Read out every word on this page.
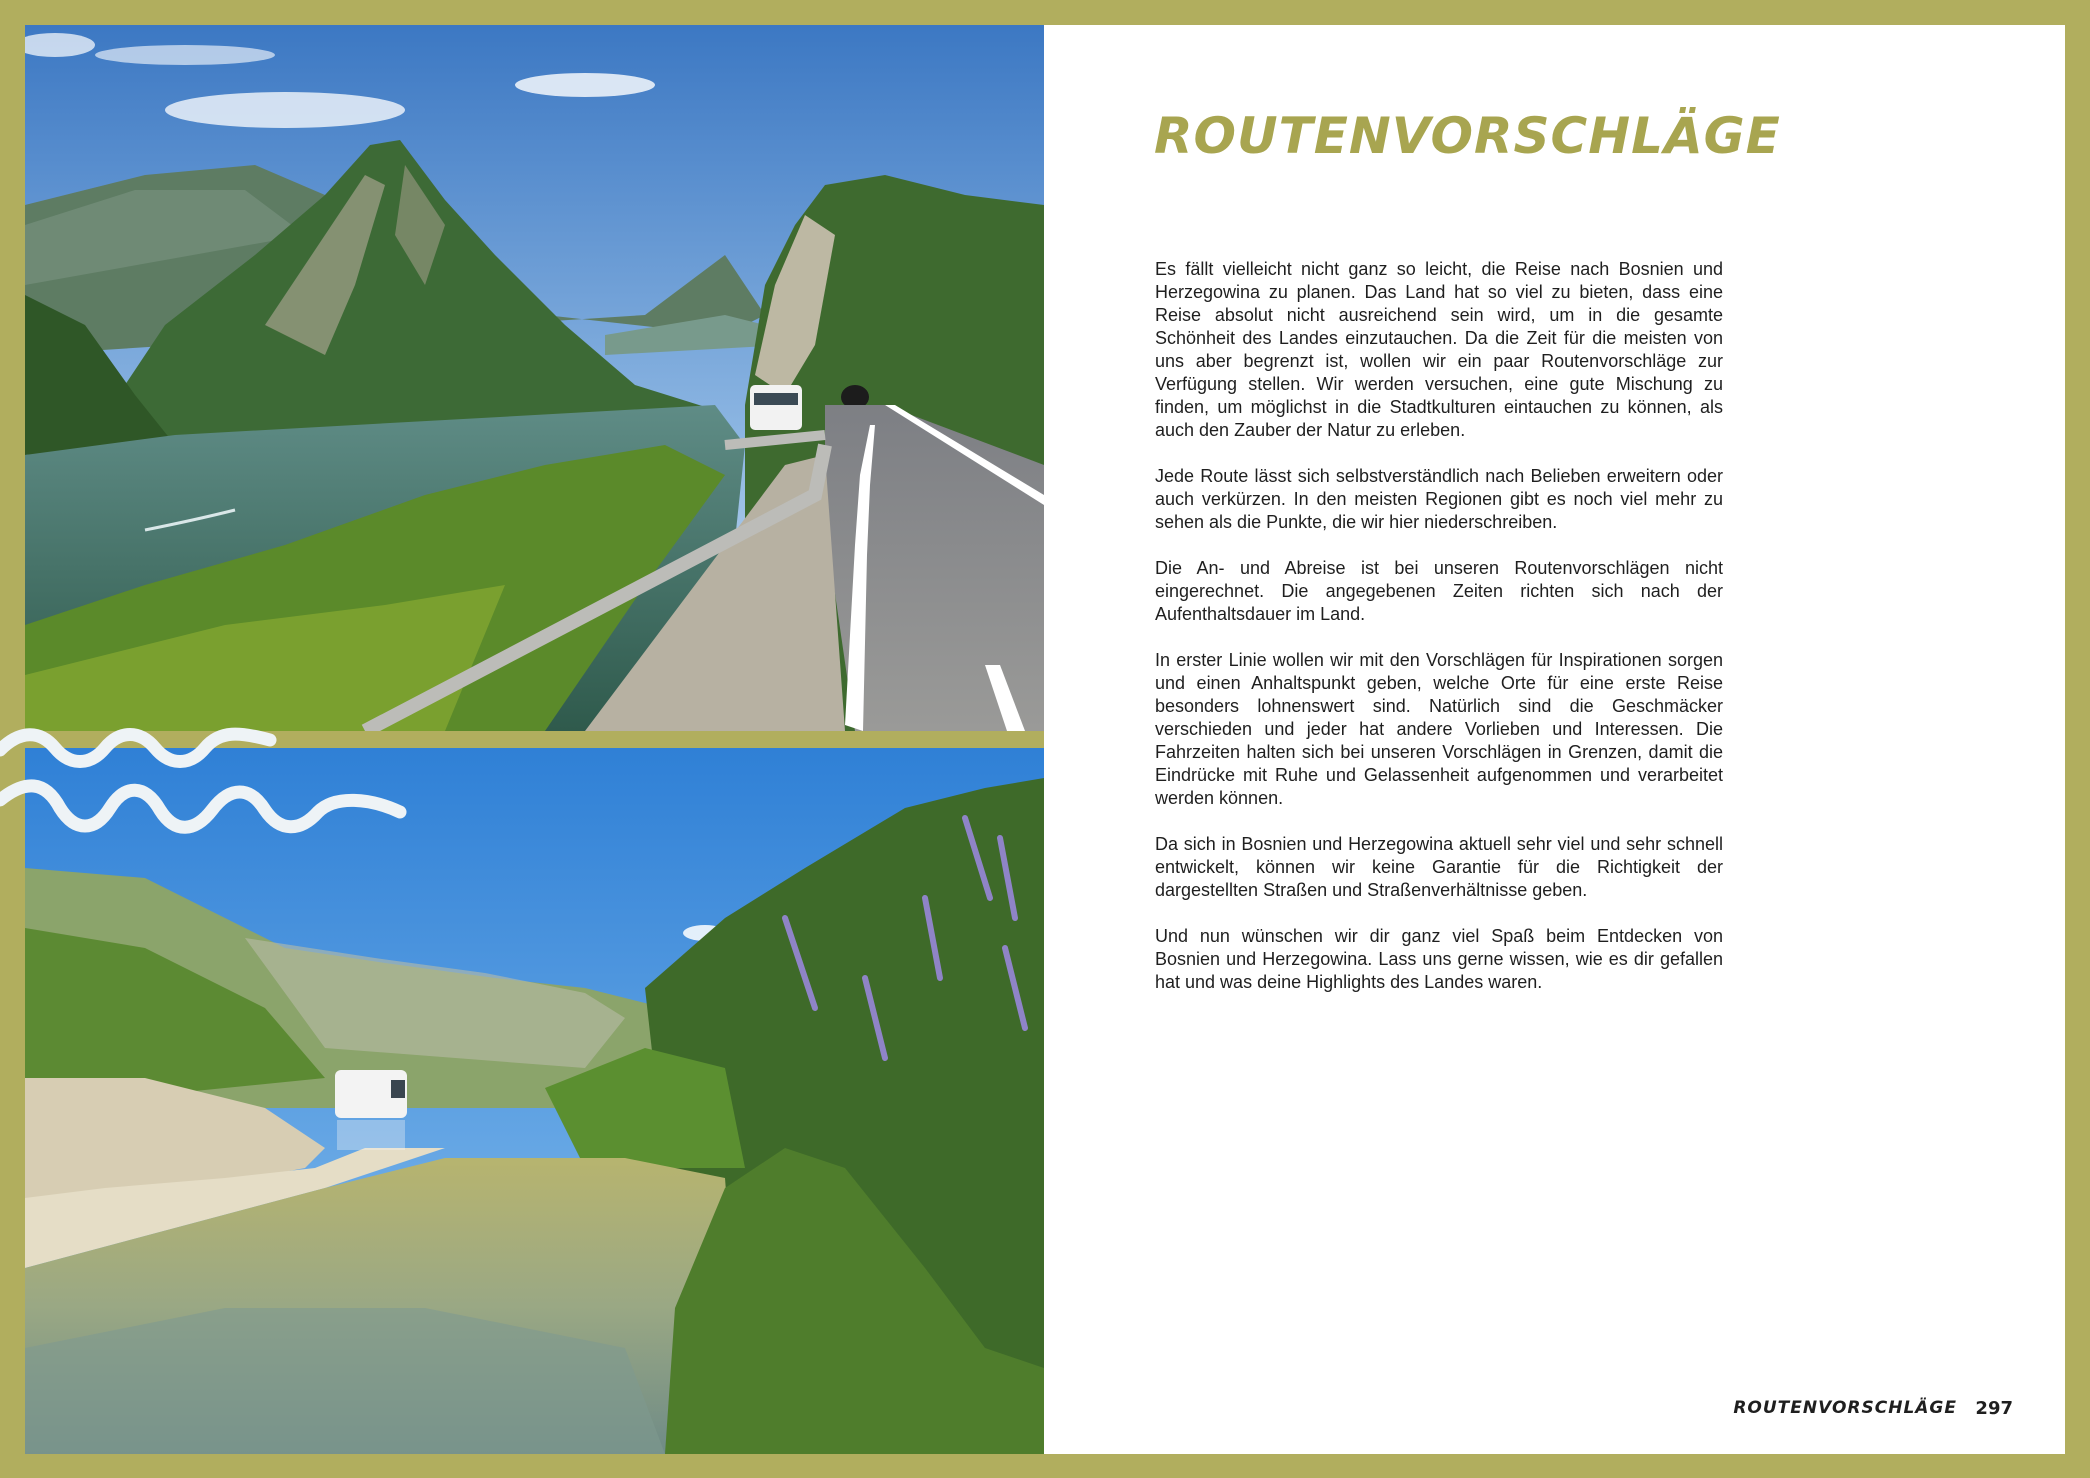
ROUTENVORSCHLÄGE

Es fällt vielleicht nicht ganz so leicht, die Reise nach Bosnien und Herzegowina zu planen. Das Land hat so viel zu bieten, dass eine Reise absolut nicht ausreichend sein wird, um in die gesamte Schönheit des Landes einzutauchen. Da die Zeit für die meisten von uns aber begrenzt ist, wollen wir ein paar Routenvorschläge zur Verfügung stellen. Wir werden versuchen, eine gute Mischung zu finden, um möglichst in die Stadtkulturen eintauchen zu können, als auch den Zauber der Natur zu erleben.

Jede Route lässt sich selbstverständlich nach Belieben erweitern oder auch verkürzen. In den meisten Regionen gibt es noch viel mehr zu sehen als die Punkte, die wir hier niederschreiben.

Die An- und Abreise ist bei unseren Routenvorschlägen nicht eingerechnet. Die angegebenen Zeiten richten sich nach der Aufenthaltsdauer im Land.

In erster Linie wollen wir mit den Vorschlägen für Inspirationen sorgen und einen Anhaltspunkt geben, welche Orte für eine erste Reise besonders lohnenswert sind. Natürlich sind die Geschmäcker verschieden und jeder hat andere Vorlieben und Interessen. Die Fahrzeiten halten sich bei unseren Vorschlägen in Grenzen, damit die Eindrücke mit Ruhe und Gelassenheit aufgenommen und verarbeitet werden können.

Da sich in Bosnien und Herzegowina aktuell sehr viel und sehr schnell entwickelt, können wir keine Garantie für die Richtigkeit der dargestellten Straßen und Straßenverhältnisse geben.

Und nun wünschen wir dir ganz viel Spaß beim Entdecken von Bosnien und Herzegowina. Lass uns gerne wissen, wie es dir gefallen hat und was deine Highlights des Landes waren.

ROUTENVORSCHLÄGE 297
